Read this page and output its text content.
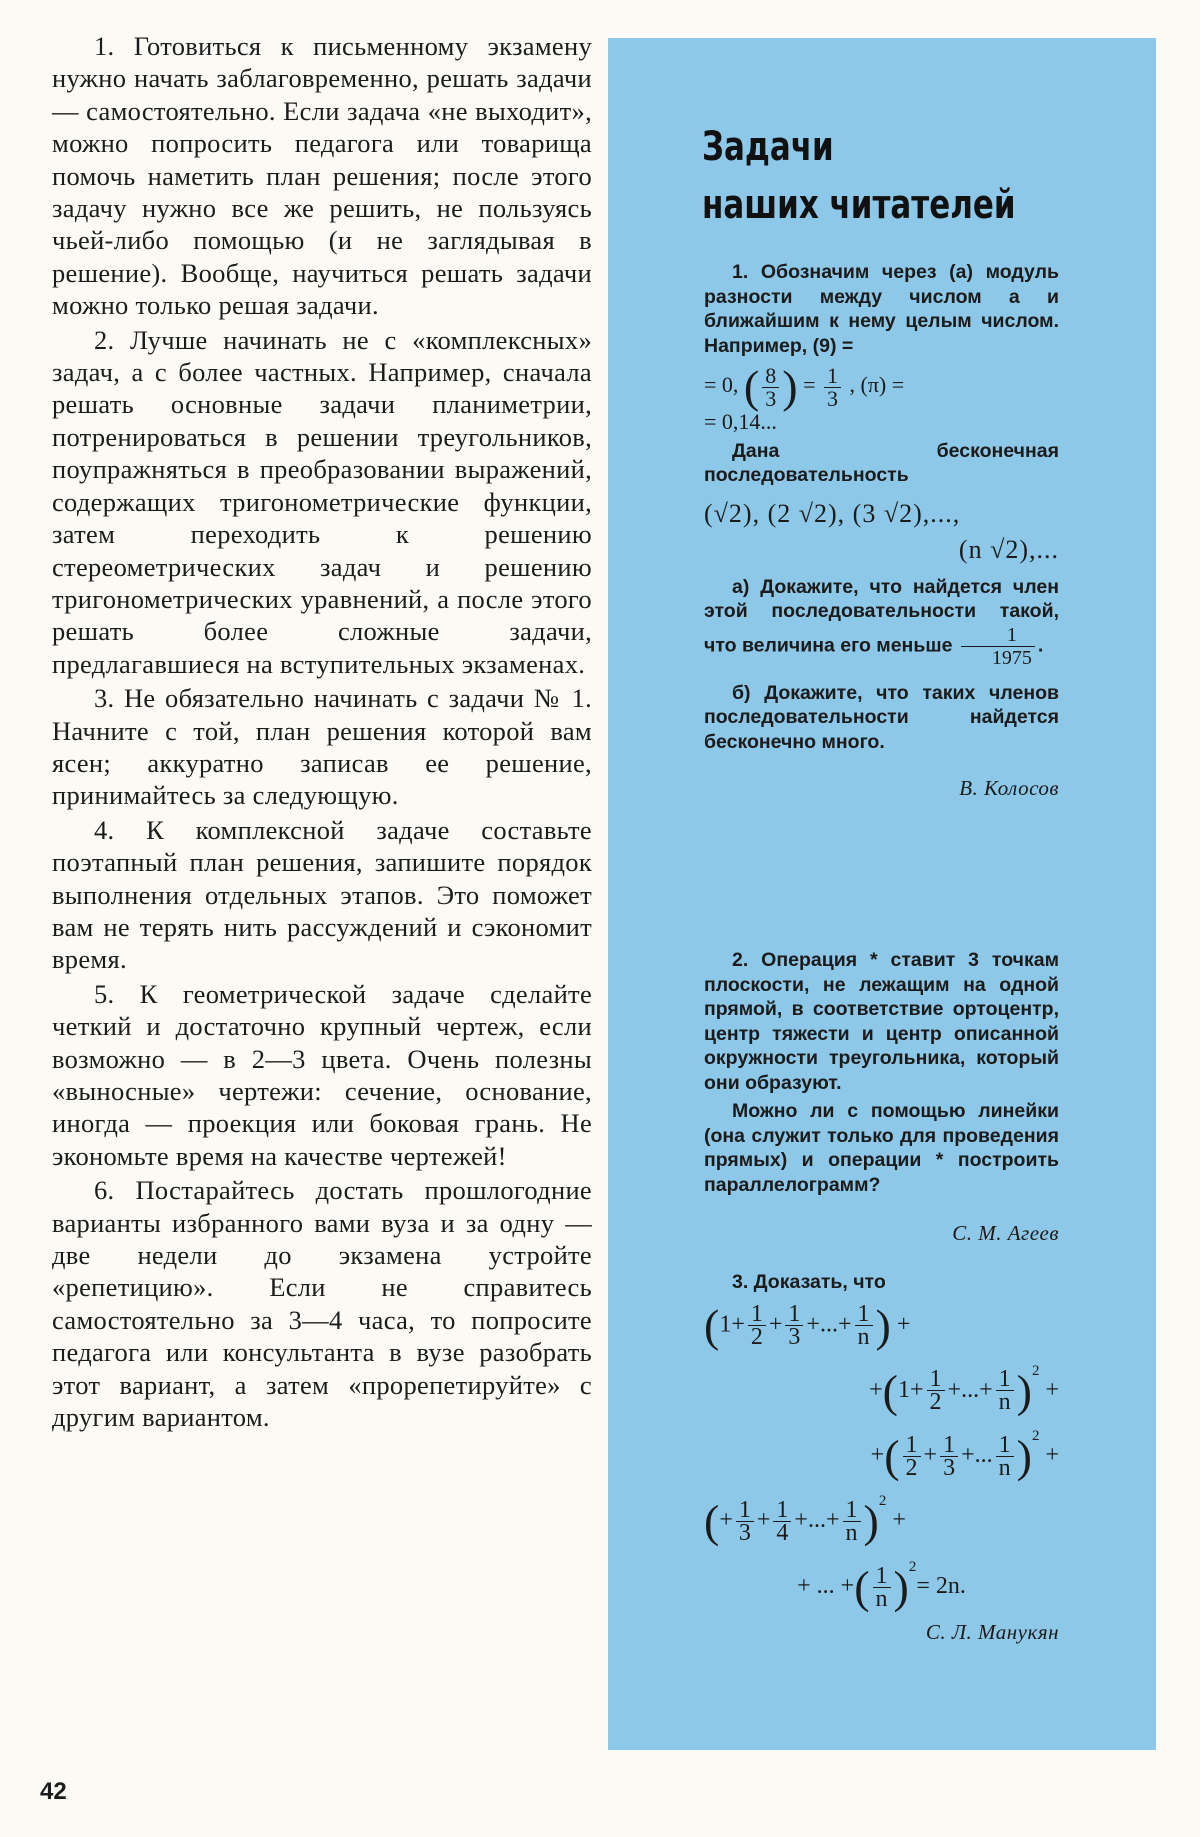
1. Готовиться к письменному экзамену нужно начать заблаговременно, решать задачи — самостоятельно. Если задача «не выходит», можно попросить педагога или товарища помочь наметить план решения; после этого задачу нужно все же решить, не пользуясь чьей-либо помощью (и не заглядывая в решение). Вообще, научиться решать задачи можно только решая задачи.

2. Лучше начинать не с «комплексных» задач, а с более частных. Например, сначала решать основные задачи планиметрии, потренироваться в решении треугольников, поупражняться в преобразовании выражений, содержащих тригонометрические функции, затем переходить к решению стереометрических задач и решению тригонометрических уравнений, а после этого решать более сложные задачи, предлагавшиеся на вступительных экзаменах.

3. Не обязательно начинать с задачи № 1. Начните с той, план решения которой вам ясен; аккуратно записав ее решение, принимайтесь за следующую.

4. К комплексной задаче составьте поэтапный план решения, запишите порядок выполнения отдельных этапов. Это поможет вам не терять нить рассуждений и сэкономит время.

5. К геометрической задаче сделайте четкий и достаточно крупный чертеж, если возможно — в 2—3 цвета. Очень полезны «выносные» чертежи: сечение, основание, иногда — проекция или боковая грань. Не экономьте время на качестве чертежей!

6. Постарайтесь достать прошлогодние варианты избранного вами вуза и за одну — две недели до экзамена устройте «репетицию». Если не справитесь самостоятельно за 3—4 часа, то попросите педагога или консультанта в вузе разобрать этот вариант, а затем «прорепетируйте» с другим вариантом.

Задачи
наших читателей

1. Обозначим через (a) модуль разности между числом a и ближайшим к нему целым числом. Например, (9) =

= 0, ( $\frac{8}{3}$ ) = $\frac{1}{3}$ , (π) =
= 0,14...

Дана бесконечная последовательность

(√2), (2 √2), (3 √2),...,
(n √2),...

а) Докажите, что найдется член этой последовательности такой, что величина его меньше $\frac{1}{1975}$ .

б) Докажите, что таких членов последовательности найдется бесконечно много.

В. Колосов

2. Операция * ставит 3 точкам плоскости, не лежащим на одной прямой, в соответствие ортоцентр, центр тяжести и центр описанной окружности треугольника, который они образуют.

Можно ли с помощью линейки (она служит только для проведения прямых) и операции * построить параллелограмм?

С. М. Агеев

3. Доказать, что

($1+ \frac{1}{2} + \frac{1}{3}$ +...+ $\frac{1}{n}$ ) +
$+(1+ \frac{1}{2}$ +...+ $\frac{1}{n} )^2$ +
+( $\frac{1}{2} + \frac{1}{3}$ +... $\frac{1}{n} )^2$ +
(+ $\frac{1}{3} + \frac{1}{4}$ +...+ $\frac{1}{n} )^2$ +
+ ... +( $\frac{1}{n} )^2= 2n$.
С. Л. Манукян
42
